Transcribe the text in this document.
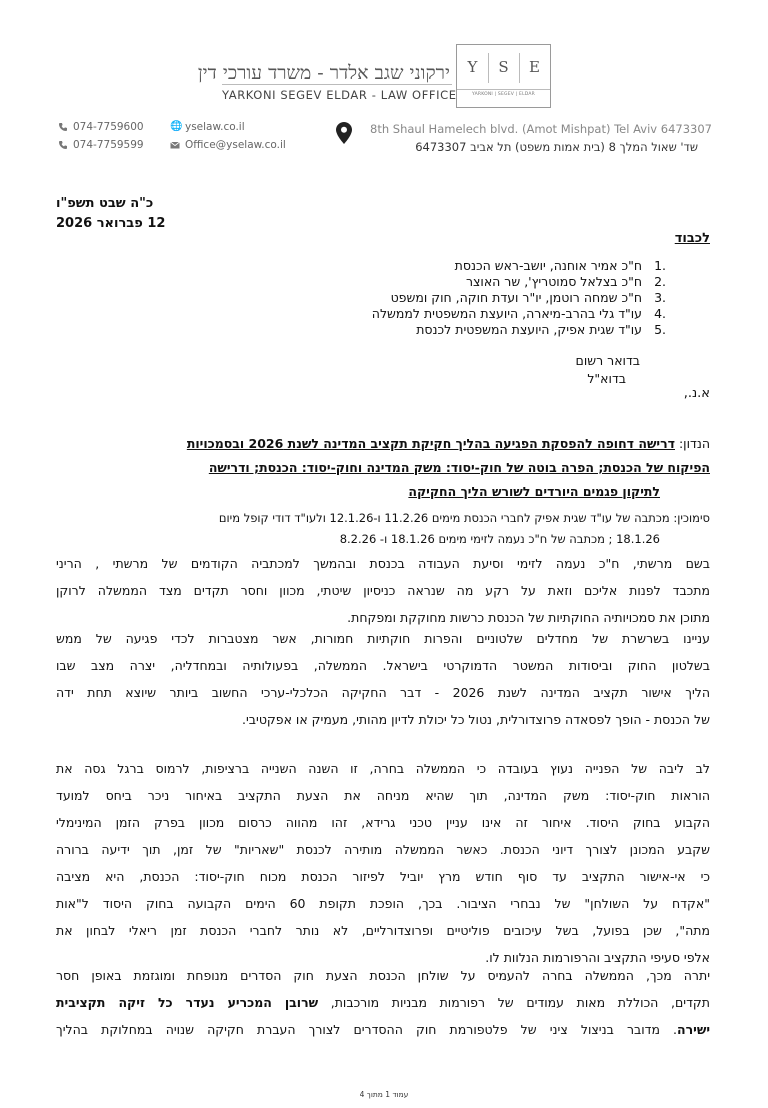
ירקוני שגב אלדר - משרד עורכי דין
YARKONI SEGEV ELDAR - LAW OFFICE
Y	S	E
YARKONI | SEGEV | ELDAR
074-7759600
074-7759599
🌐 yselaw.co.il
Office@yselaw.co.il
8th Shaul Hamelech blvd. (Amot Mishpat) Tel Aviv 6473307
שד' שאול המלך 8 (בית אמות משפט) תל אביב 6473307
כ"ה שבט תשפ"ו
12 פברואר 2026
לכבוד
1.
ח"כ אמיר אוחנה, יושב-ראש הכנסת
2.
ח"כ בצלאל סמוטריץ', שר האוצר
3.
ח"כ שמחה רוטמן, יו"ר ועדת חוקה, חוק ומשפט
4.
עו"ד גלי בהרב-מיארה, היועצת המשפטית לממשלה
5.
עו"ד שגית אפיק, היועצת המשפטית לכנסת
בדואר רשום
בדוא"ל
א.נ.,
הנדון: דרישה דחופה להפסקת הפגיעה בהליך חקיקת תקציב המדינה לשנת 2026 ובסמכויות
הפיקוח של הכנסת; הפרה בוטה של חוק-יסוד: משק המדינה וחוק-יסוד: הכנסת; ודרישה
לתיקון פגמים היורדים לשורש הליך החקיקה
סימוכין: מכתבה של עו"ד שגית אפיק לחברי הכנסת מימים 11.2.26 ו-12.1.26 ולעו"ד דודי קופל מיום
18.1.26 ; מכתבה של ח"כ נעמה לזימי מימים 18.1.26 ו- 8.2.26
בשם מרשתי, ח"כ נעמה לזימי וסיעת העבודה בכנסת ובהמשך למכתביה הקודמים של מרשתי , הריני
מתכבד לפנות אליכם וזאת על רקע מה שנראה כניסיון שיטתי, מכוון וחסר תקדים מצד הממשלה לרוקן
מתוכן את סמכויותיה החוקתיות של הכנסת כרשות מחוקקת ומפקחת.
עניינו בשרשרת של מחדלים שלטוניים והפרות חוקתיות חמורות, אשר מצטברות לכדי פגיעה של ממש
בשלטון החוק וביסודות המשטר הדמוקרטי בישראל. הממשלה, בפעולותיה ובמחדליה, יצרה מצב שבו
הליך אישור תקציב המדינה לשנת 2026 - דבר החקיקה הכלכלי-ערכי החשוב ביותר שיוצא תחת ידה
של הכנסת - הופך לפסאדה פרוצדורלית, נטול כל יכולת לדיון מהותי, מעמיק או אפקטיבי.
לב ליבה של הפנייה נעוץ בעובדה כי הממשלה בחרה, זו השנה השנייה ברציפות, לרמוס ברגל גסה את
הוראות חוק-יסוד: משק המדינה, תוך שהיא מניחה את הצעת התקציב באיחור ניכר ביחס למועד
הקבוע בחוק היסוד. איחור זה אינו עניין טכני גרידא, זהו מהווה כרסום מכוון בפרק הזמן המינימלי
שקבע המכונן לצורך דיוני הכנסת. כאשר הממשלה מותירה לכנסת "שאריות" של זמן, תוך ידיעה ברורה
כי אי-אישור התקציב עד סוף חודש מרץ יוביל לפיזור הכנסת מכוח חוק-יסוד: הכנסת, היא מציבה
"אקדח על השולחן" של נבחרי הציבור. בכך, הופכת תקופת 60 הימים הקבועה בחוק היסוד ל"אות
מתה", שכן בפועל, בשל עיכובים פוליטיים ופרוצדורליים, לא נותר לחברי הכנסת זמן ריאלי לבחון את
אלפי סעיפי התקציב והרפורמות הנלוות לו.
יתרה מכך, הממשלה בחרה להעמיס על שולחן הכנסת הצעת חוק הסדרים מנופחת ומוגזמת באופן חסר
תקדים, הכוללת מאות עמודים של רפורמות מבניות מורכבות, שרובן המכריע נעדר כל זיקה תקציבית
ישירה. מדובר בניצול ציני של פלטפורמת חוק ההסדרים לצורך העברת חקיקה שנויה במחלוקת בהליך
עמוד 1 מתוך 4
